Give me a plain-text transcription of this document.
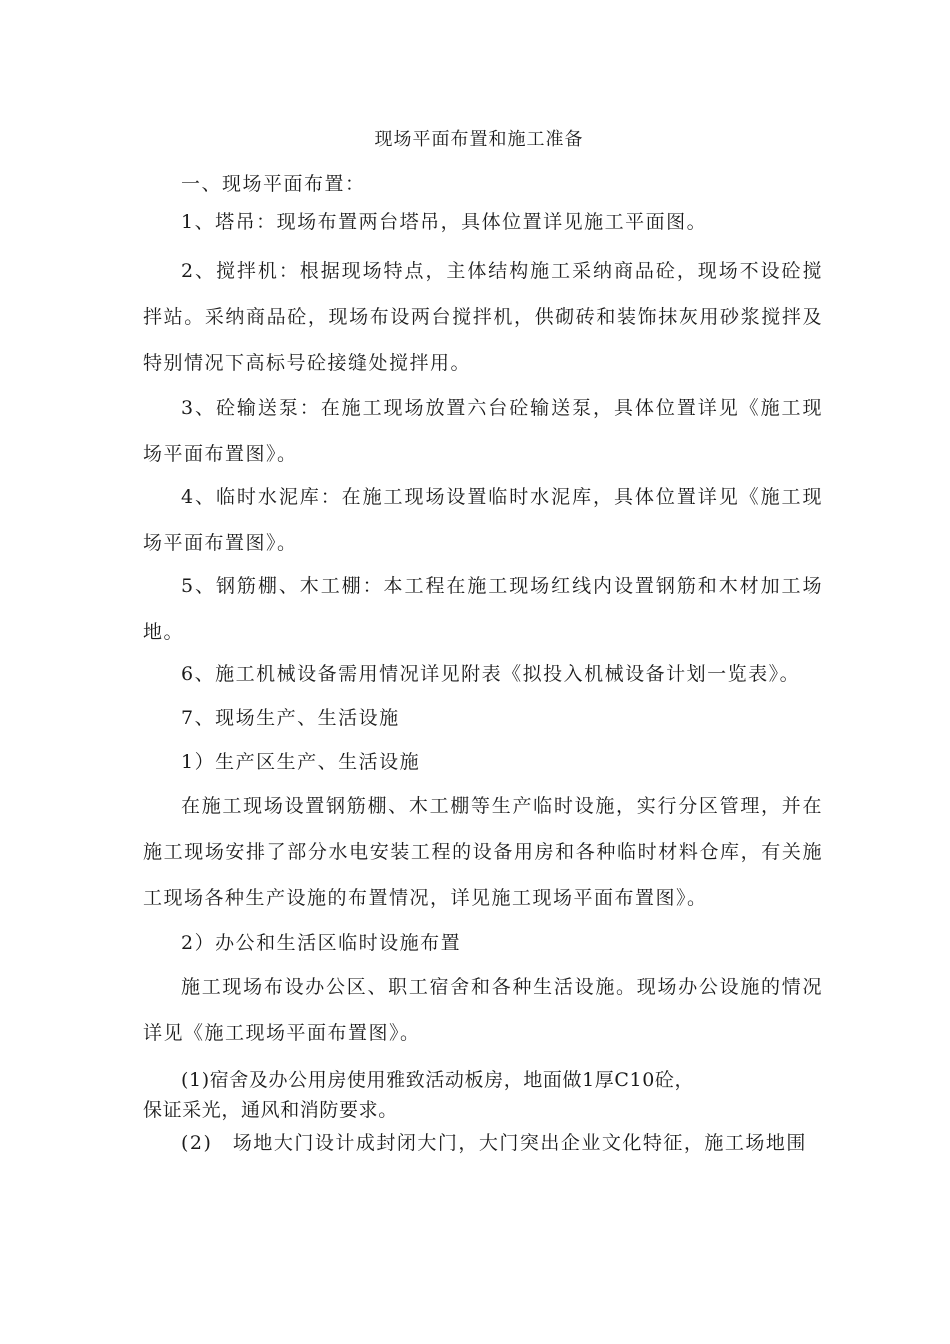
现场平面布置和施工准备

一、现场平面布置：

1、塔吊：现场布置两台塔吊，具体位置详见施工平面图。

2、搅拌机：根据现场特点，主体结构施工采纳商品砼，现场不设砼搅拌站。采纳商品砼，现场布设两台搅拌机，供砌砖和装饰抹灰用砂浆搅拌及特别情况下高标号砼接缝处搅拌用。

3、砼输送泵：在施工现场放置六台砼输送泵，具体位置详见《施工现场平面布置图》。

4、临时水泥库：在施工现场设置临时水泥库，具体位置详见《施工现场平面布置图》。

5、钢筋棚、木工棚：本工程在施工现场红线内设置钢筋和木材加工场地。

6、施工机械设备需用情况详见附表《拟投入机械设备计划一览表》。

7、现场生产、生活设施

1）生产区生产、生活设施

在施工现场设置钢筋棚、木工棚等生产临时设施，实行分区管理，并在施工现场安排了部分水电安装工程的设备用房和各种临时材料仓库，有关施工现场各种生产设施的布置情况，详见施工现场平面布置图》。

2）办公和生活区临时设施布置

施工现场布设办公区、职工宿舍和各种生活设施。现场办公设施的情况详见《施工现场平面布置图》。

(1)宿舍及办公用房使用雅致活动板房，地面做1厚C10砼，

保证采光，通风和消防要求。

(2)　场地大门设计成封闭大门，大门突出企业文化特征，施工场地围
